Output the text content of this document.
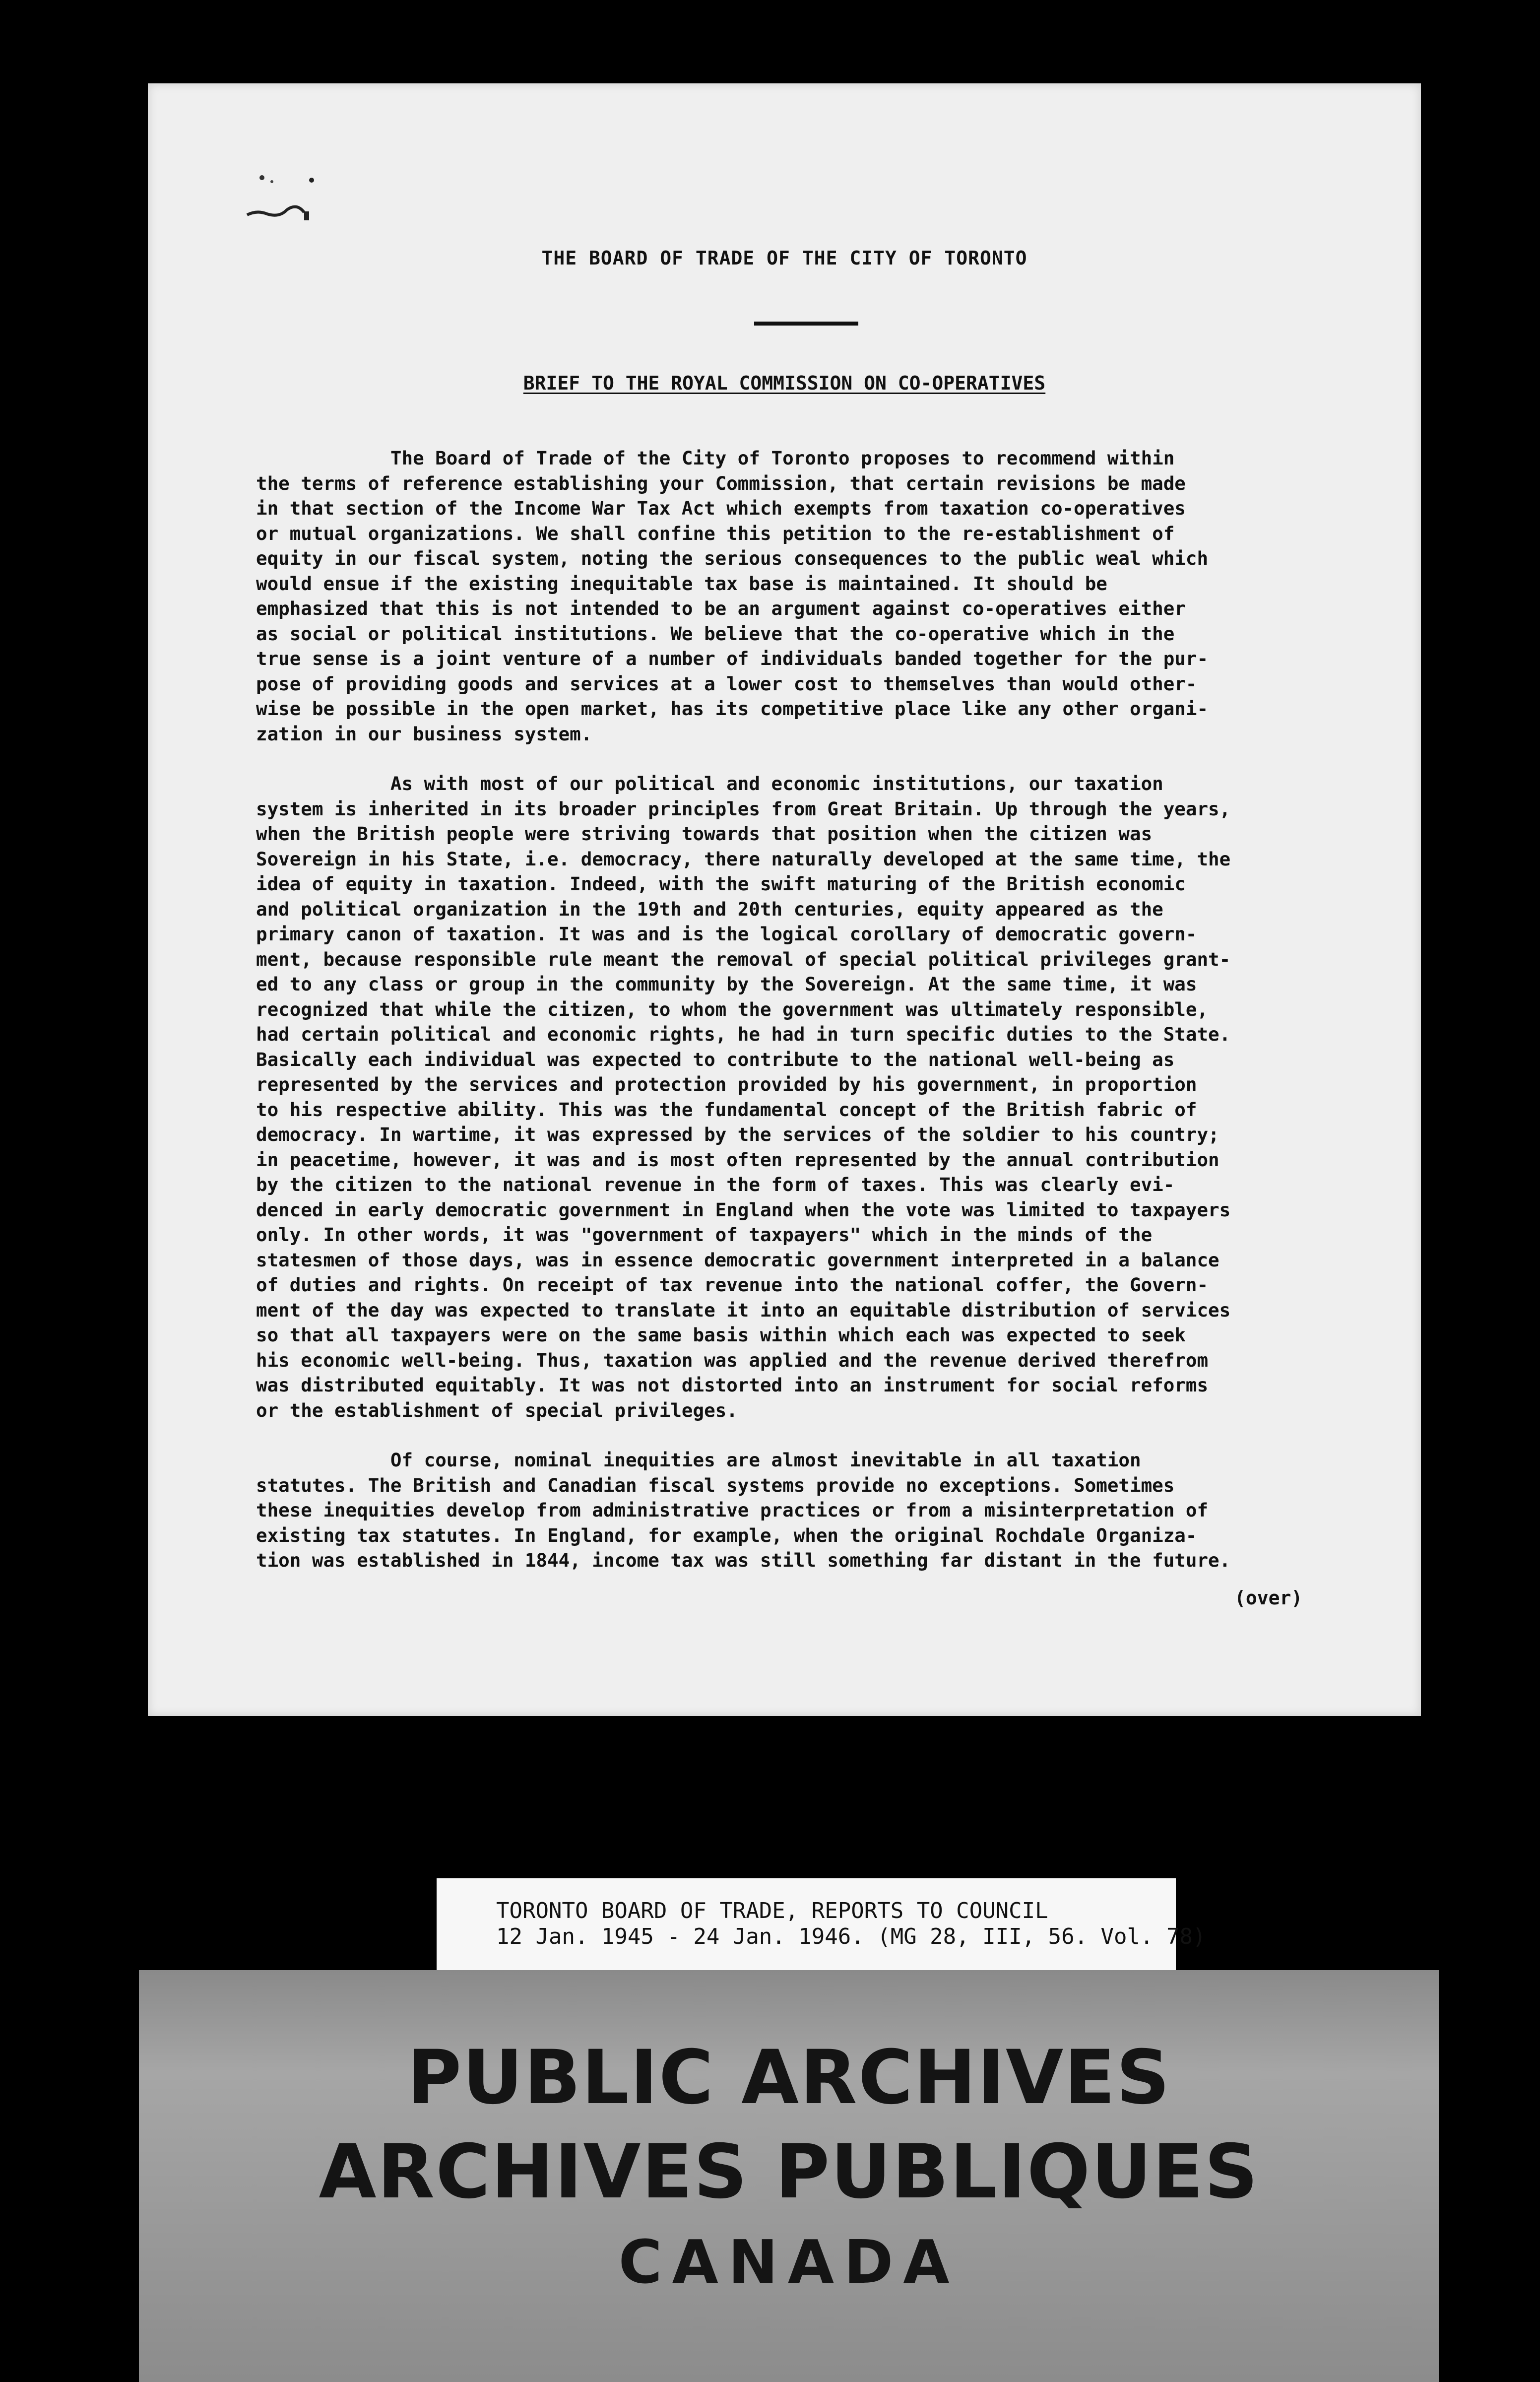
THE BOARD OF TRADE OF THE CITY OF TORONTO
BRIEF TO THE ROYAL COMMISSION ON CO-OPERATIVES
The Board of Trade of the City of Toronto proposes to recommend within
the terms of reference establishing your Commission, that certain revisions be made
in that section of the Income War Tax Act which exempts from taxation co-operatives
or mutual organizations. We shall confine this petition to the re-establishment of
equity in our fiscal system, noting the serious consequences to the public weal which
would ensue if the existing inequitable tax base is maintained. It should be
emphasized that this is not intended to be an argument against co-operatives either
as social or political institutions. We believe that the co-operative which in the
true sense is a joint venture of a number of individuals banded together for the pur-
pose of providing goods and services at a lower cost to themselves than would other-
wise be possible in the open market, has its competitive place like any other organi-
zation in our business system.
As with most of our political and economic institutions, our taxation
system is inherited in its broader principles from Great Britain. Up through the years,
when the British people were striving towards that position when the citizen was
Sovereign in his State, i.e. democracy, there naturally developed at the same time, the
idea of equity in taxation. Indeed, with the swift maturing of the British economic
and political organization in the 19th and 20th centuries, equity appeared as the
primary canon of taxation. It was and is the logical corollary of democratic govern-
ment, because responsible rule meant the removal of special political privileges grant-
ed to any class or group in the community by the Sovereign. At the same time, it was
recognized that while the citizen, to whom the government was ultimately responsible,
had certain political and economic rights, he had in turn specific duties to the State.
Basically each individual was expected to contribute to the national well-being as
represented by the services and protection provided by his government, in proportion
to his respective ability. This was the fundamental concept of the British fabric of
democracy. In wartime, it was expressed by the services of the soldier to his country;
in peacetime, however, it was and is most often represented by the annual contribution
by the citizen to the national revenue in the form of taxes. This was clearly evi-
denced in early democratic government in England when the vote was limited to taxpayers
only. In other words, it was "government of taxpayers" which in the minds of the
statesmen of those days, was in essence democratic government interpreted in a balance
of duties and rights. On receipt of tax revenue into the national coffer, the Govern-
ment of the day was expected to translate it into an equitable distribution of services
so that all taxpayers were on the same basis within which each was expected to seek
his economic well-being. Thus, taxation was applied and the revenue derived therefrom
was distributed equitably. It was not distorted into an instrument for social reforms
or the establishment of special privileges.
Of course, nominal inequities are almost inevitable in all taxation
statutes. The British and Canadian fiscal systems provide no exceptions. Sometimes
these inequities develop from administrative practices or from a misinterpretation of
existing tax statutes. In England, for example, when the original Rochdale Organiza-
tion was established in 1844, income tax was still something far distant in the future.
(over)
TORONTO BOARD OF TRADE, REPORTS TO COUNCIL
12 Jan. 1945 - 24 Jan. 1946. (MG 28, III, 56. Vol. 78)
PUBLIC ARCHIVES
ARCHIVES PUBLIQUES
CANADA
